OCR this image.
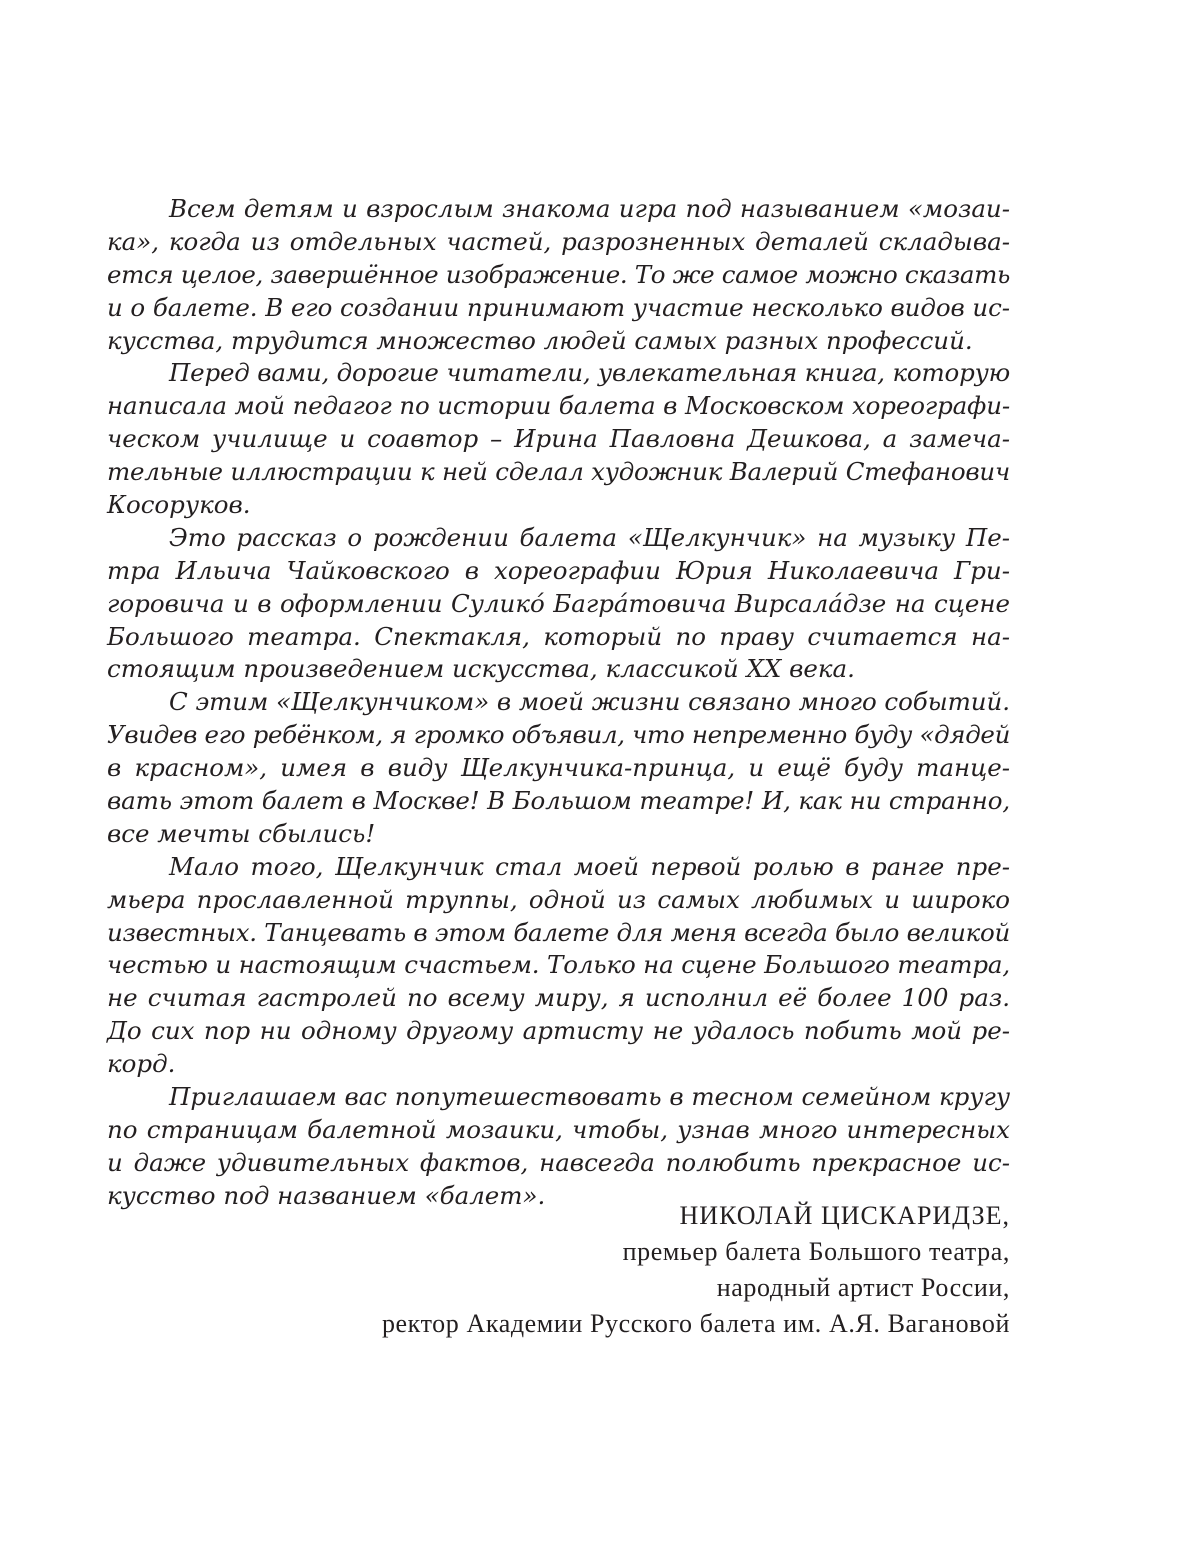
Всем детям и взрослым знакома игра под называнием «мозаи-
ка», когда из отдельных частей, разрозненных деталей складыва-
ется целое, завершённое изображение. То же самое можно сказать
и о балете. В его создании принимают участие несколько видов ис-
кусства, трудится множество людей самых разных профессий.
Перед вами, дорогие читатели, увлекательная книга, которую
написала мой педагог по истории балета в Московском хореографи-
ческом училище и соавтор – Ирина Павловна Дешкова, а замеча-
тельные иллюстрации к ней сделал художник Валерий Стефанович
Косоруков.
Это рассказ о рождении балета «Щелкунчик» на музыку Пе-
тра Ильича Чайковского в хореографии Юрия Николаевича Гри-
горовича и в оформлении Сулико́ Багра́товича Вирсала́дзе на сцене
Большого театра. Спектакля, который по праву считается на-
стоящим произведением искусства, классикой XX века.
С этим «Щелкунчиком» в моей жизни связано много событий.
Увидев его ребёнком, я громко объявил, что непременно буду «дядей
в красном», имея в виду Щелкунчика-принца, и ещё буду танце-
вать этот балет в Москве! В Большом театре! И, как ни странно,
все мечты сбылись!
Мало того, Щелкунчик стал моей первой ролью в ранге пре-
мьера прославленной труппы, одной из самых любимых и широко
известных. Танцевать в этом балете для меня всегда было великой
честью и настоящим счастьем. Только на сцене Большого театра,
не считая гастролей по всему миру, я исполнил её более 100 раз.
До сих пор ни одному другому артисту не удалось побить мой ре-
корд.
Приглашаем вас попутешествовать в тесном семейном кругу
по страницам балетной мозаики, чтобы, узнав много интересных
и даже удивительных фактов, навсегда полюбить прекрасное ис-
кусство под названием «балет».
НИКОЛАЙ ЦИСКАРИДЗЕ,
премьер балета Большого театра,
народный артист России,
ректор Академии Русского балета им. А.Я. Вагановой
